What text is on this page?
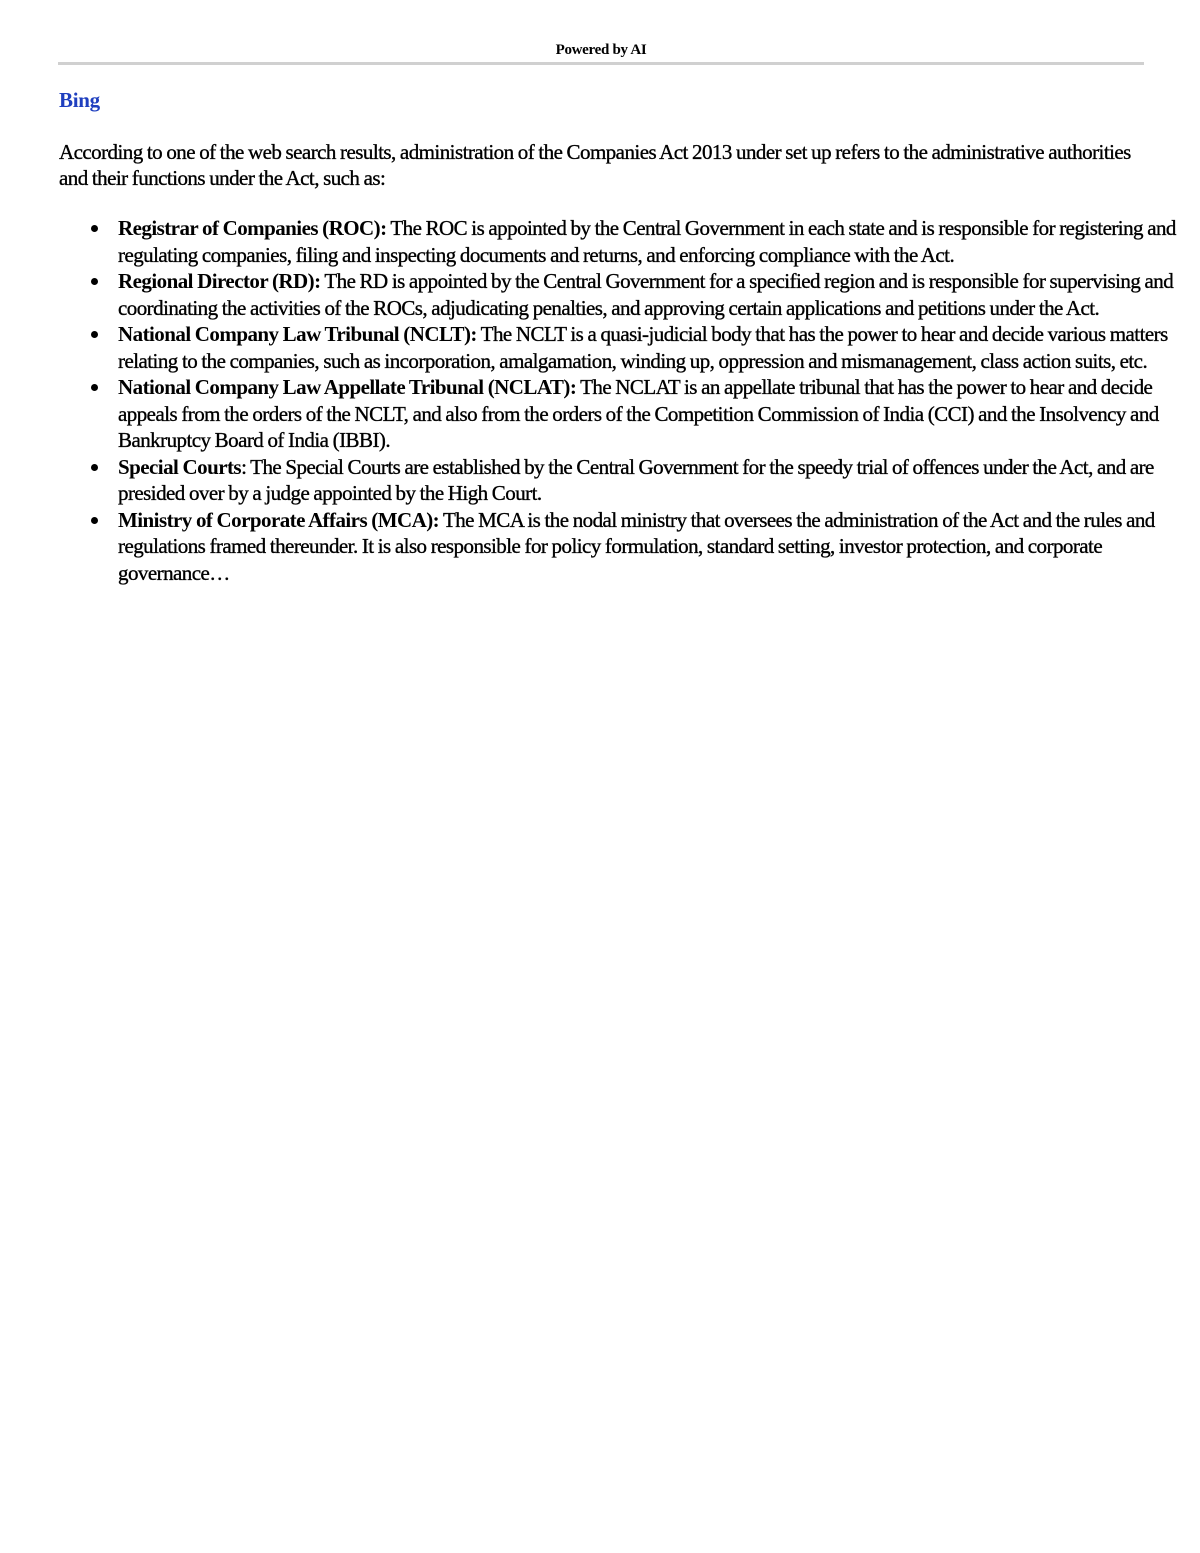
Powered by AI
Bing
According to one of the web search results, administration of the Companies Act 2013 under set up refers to the administrative authorities and their functions under the Act, such as:
Registrar of Companies (ROC): The ROC is appointed by the Central Government in each state and is responsible for registering and regulating companies, filing and inspecting documents and returns, and enforcing compliance with the Act.
Regional Director (RD): The RD is appointed by the Central Government for a specified region and is responsible for supervising and coordinating the activities of the ROCs, adjudicating penalties, and approving certain applications and petitions under the Act.
National Company Law Tribunal (NCLT): The NCLT is a quasi-judicial body that has the power to hear and decide various matters relating to the companies, such as incorporation, amalgamation, winding up, oppression and mismanagement, class action suits, etc.
National Company Law Appellate Tribunal (NCLAT): The NCLAT is an appellate tribunal that has the power to hear and decide appeals from the orders of the NCLT, and also from the orders of the Competition Commission of India (CCI) and the Insolvency and Bankruptcy Board of India (IBBI).
Special Courts: The Special Courts are established by the Central Government for the speedy trial of offences under the Act, and are presided over by a judge appointed by the High Court.
Ministry of Corporate Affairs (MCA): The MCA is the nodal ministry that oversees the administration of the Act and the rules and regulations framed thereunder. It is also responsible for policy formulation, standard setting, investor protection, and corporate governance…
